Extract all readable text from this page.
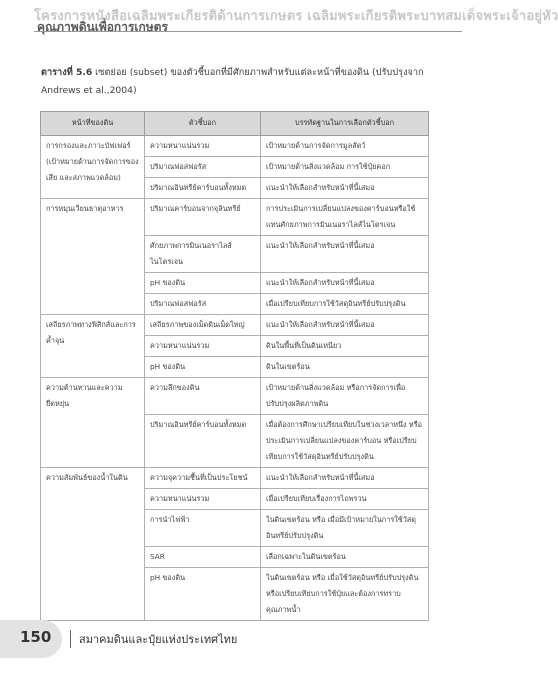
โครงการหนังสือเฉลิมพระเกียรติด้านการเกษตร เฉลิมพระเกียรติพระบาทสมเด็จพระเจ้าอยู่หัว
คุณภาพดินเพื่อการเกษตร
ตารางที่ 5.6 เซตย่อย (subset) ของตัวชี้บอกที่มีศักยภาพสำหรับแต่ละหน้าที่ของดิน (ปรับปรุงจาก Andrews et al.,2004)
หน้าที่ของดิน	ตัวชี้บอก	บรรทัดฐานในการเลือกตัวชี้บอก
การกรองและภาวะบัฟเฟอร์ (เป้าหมายด้านการจัดการของเสีย และสภาพแวดล้อม)	ความหนาแน่นรวม	เป้าหมายด้านการจัดการมูลสัตว์
	ปริมาณฟอสฟอรัส	เป้าหมายด้านสิ่งแวดล้อม การใช้ปุ๋ยคอก
	ปริมาณอินทรีย์คาร์บอนทั้งหมด	แนะนำให้เลือกสำหรับหน้าที่นี้เสมอ
การหมุนเวียนธาตุอาหาร	ปริมาณคาร์บอนจากจุลินทรีย์	การประเมินการเปลี่ยนแปลงของคาร์บอนหรือใช้แทนศักยภาพการมินเนอราไลส์ไนโตรเจน
	ศักยภาพการมินเนอราไลส์ไนโตรเจน	แนะนำให้เลือกสำหรับหน้าที่นี้เสมอ
	pH ของดิน	แนะนำให้เลือกสำหรับหน้าที่นี้เสมอ
	ปริมาณฟอสฟอรัส	เมื่อเปรียบเทียบการใช้วัสดุอินทรีย์ปรับปรุงดิน
เสถียรภาพทางฟิสิกส์และการค้ำจุน	เสถียรภาพของเม็ดดินเม็ดใหญ่	แนะนำให้เลือกสำหรับหน้าที่นี้เสมอ
	ความหนาแน่นรวม	ดินในพื้นที่เป็นดินเหนียว
	pH ของดิน	ดินในเขตร้อน
ความต้านทานและความยืดหยุ่น	ความลึกของดิน	เป้าหมายด้านสิ่งแวดล้อม หรือการจัดการเพื่อปรับปรุงผลิตภาพดิน
	ปริมาณอินทรีย์คาร์บอนทั้งหมด	เมื่อต้องการศึกษาเปรียบเทียบในช่วงเวลาหนึ่ง หรือประเมินการเปลี่ยนแปลงของคาร์บอน หรือเปรียบเทียบการใช้วัสดุอินทรีย์ปรับปรุงดิน
ความสัมพันธ์ของน้ำในดิน	ความจุความชื้นที่เป็นประโยชน์	แนะนำให้เลือกสำหรับหน้าที่นี้เสมอ
	ความหนาแน่นรวม	เมื่อเปรียบเทียบเรื่องการไถพรวน
	การนำไฟฟ้า	ในดินเขตร้อน หรือ เมื่อมีเป้าหมายในการใช้วัสดุอินทรีย์ปรับปรุงดิน
	SAR	เลือกเฉพาะในดินเขตร้อน
	pH ของดิน	ในดินเขตร้อน หรือ เมื่อใช้วัสดุอินทรีย์ปรับปรุงดิน หรือเปรียบเทียบการใช้ปุ๋ยและต้องการทราบคุณภาพน้ำ
150	สมาคมดินและปุ๋ยแห่งประเทศไทย
